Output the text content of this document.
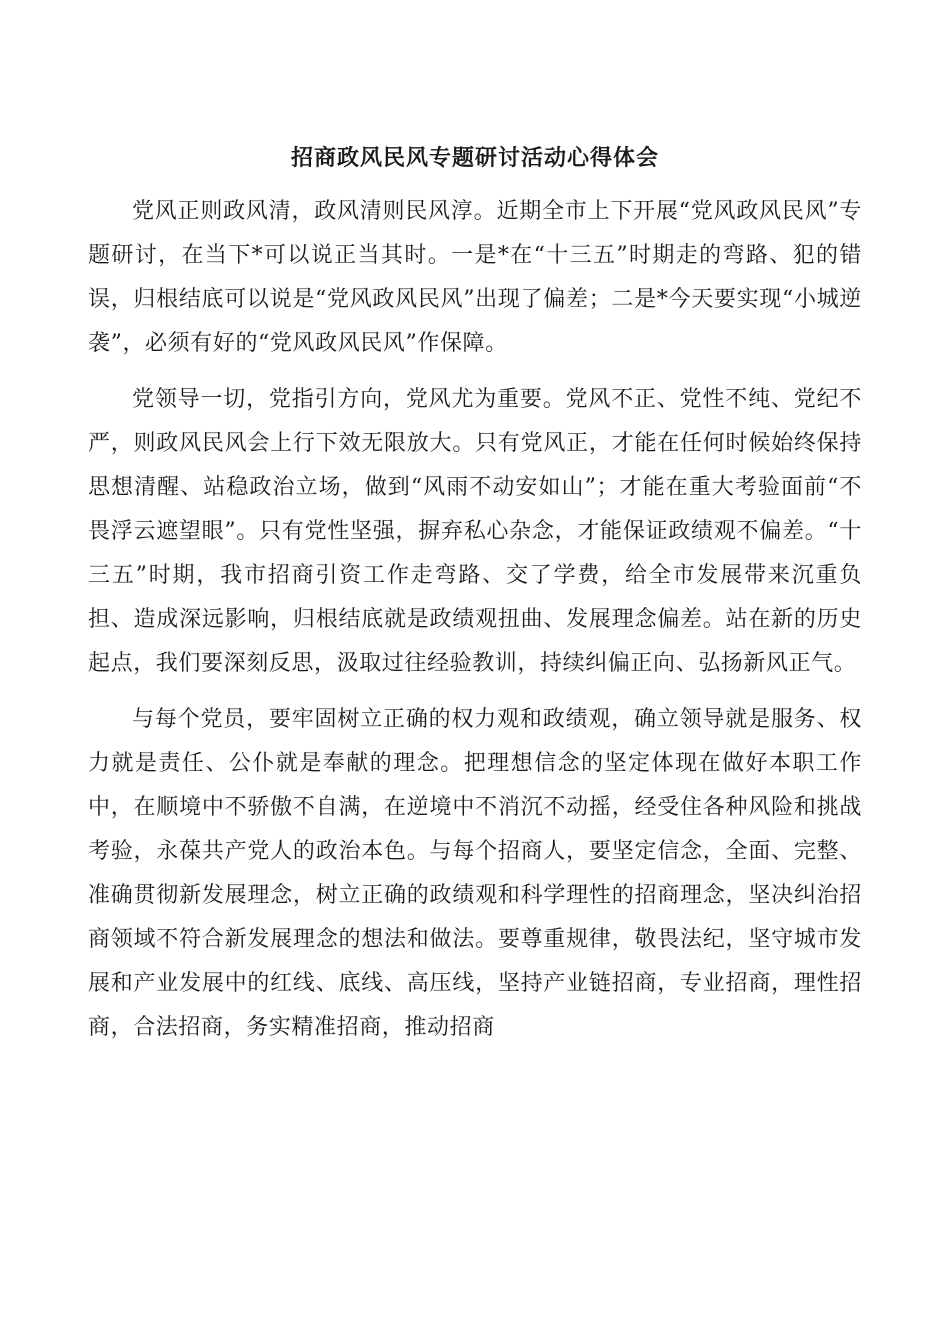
招商政风民风专题研讨活动心得体会

党风正则政风清，政风清则民风淳。近期全市上下开展“党风政风民风”专题研讨，在当下*可以说正当其时。一是*在“十三五”时期走的弯路、犯的错误，归根结底可以说是“党风政风民风”出现了偏差；二是*今天要实现“小城逆袭”，必须有好的“党风政风民风”作保障。

党领导一切，党指引方向，党风尤为重要。党风不正、党性不纯、党纪不严，则政风民风会上行下效无限放大。只有党风正，才能在任何时候始终保持思想清醒、站稳政治立场，做到“风雨不动安如山”；才能在重大考验面前“不畏浮云遮望眼”。只有党性坚强，摒弃私心杂念，才能保证政绩观不偏差。“十三五”时期，我市招商引资工作走弯路、交了学费，给全市发展带来沉重负担、造成深远影响，归根结底就是政绩观扭曲、发展理念偏差。站在新的历史起点，我们要深刻反思，汲取过往经验教训，持续纠偏正向、弘扬新风正气。

与每个党员，要牢固树立正确的权力观和政绩观，确立领导就是服务、权力就是责任、公仆就是奉献的理念。把理想信念的坚定体现在做好本职工作中，在顺境中不骄傲不自满，在逆境中不消沉不动摇，经受住各种风险和挑战考验，永葆共产党人的政治本色。与每个招商人，要坚定信念，全面、完整、准确贯彻新发展理念，树立正确的政绩观和科学理性的招商理念，坚决纠治招商领域不符合新发展理念的想法和做法。要尊重规律，敬畏法纪，坚守城市发展和产业发展中的红线、底线、高压线，坚持产业链招商，专业招商，理性招商，合法招商，务实精准招商，推动招商
